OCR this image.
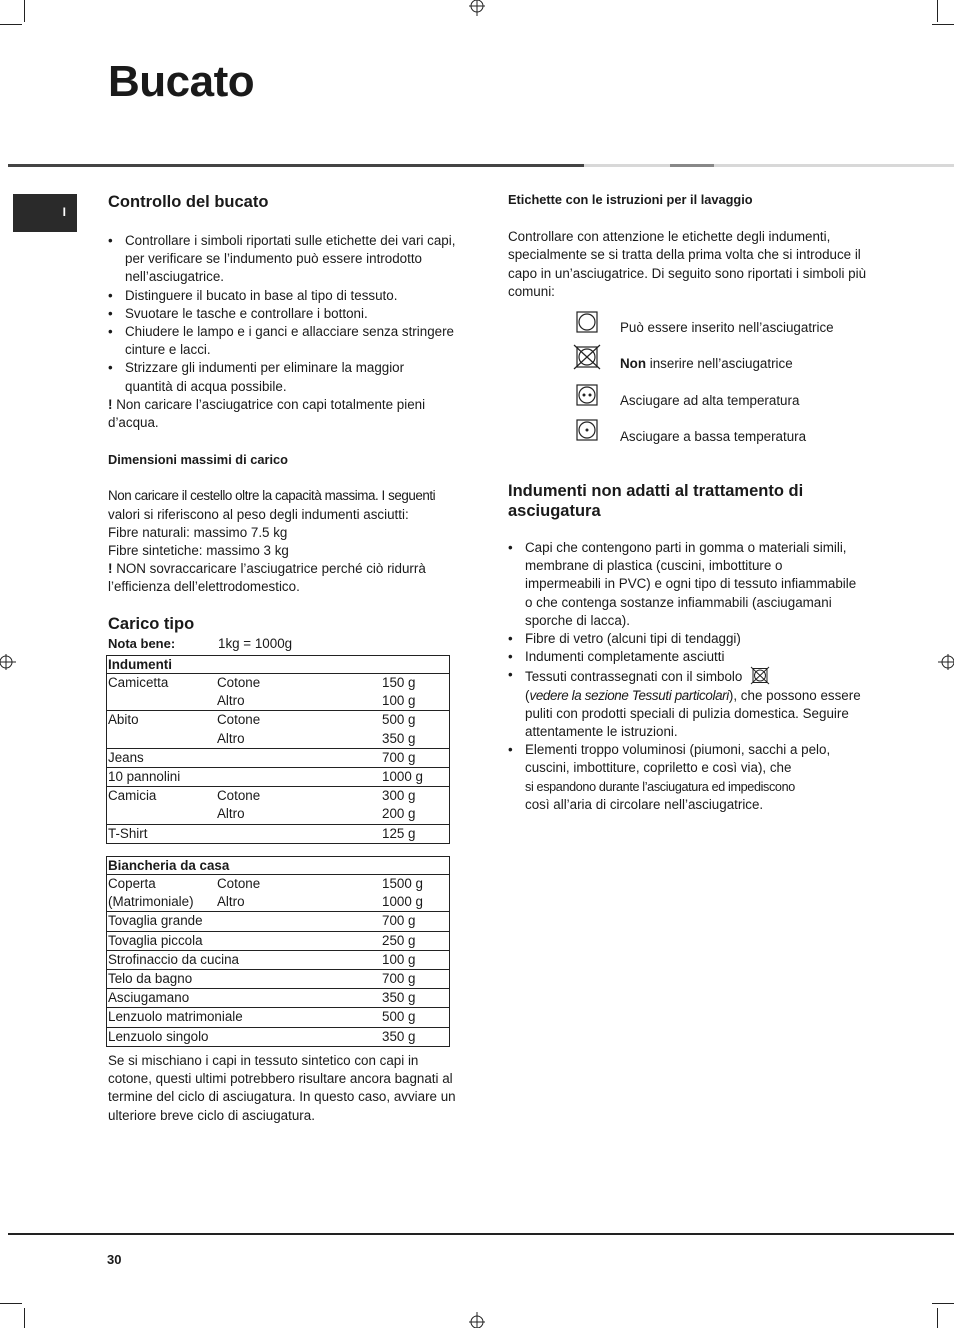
Bucato
I
Controllo del bucato
• Controllare i simboli riportati sulle etichette dei vari capi, per verificare se l’indumento può essere introdotto nell’asciugatrice.
• Distinguere il bucato in base al tipo di tessuto.
• Svuotare le tasche e controllare i bottoni.
• Chiudere le lampo e i ganci e allacciare senza stringere cinture e lacci.
• Strizzare gli indumenti per eliminare la maggior quantità di acqua possibile.

! Non caricare l’asciugatrice con capi totalmente pieni d’acqua.

Dimensioni massimi di carico

Non caricare il cestello oltre la capacità massima. I seguenti

valori si riferiscono al peso degli indumenti asciutti:

Fibre naturali: massimo 7.5 kg

Fibre sintetiche: massimo 3 kg

! NON sovraccaricare l’asciugatrice perché ciò ridurrà l’efficienza dell’elettrodomestico.

Carico tipo
Nota bene:	1kg = 1000g
Indumenti		
Camicetta	Cotone	150 g
	Altro	100 g
Abito	Cotone	500 g
	Altro	350 g
Jeans		700 g
10 pannolini		1000 g
Camicia	Cotone	300 g
	Altro	200 g
T-Shirt		125 g
Biancheria da casa		
Coperta	Cotone	1500 g
(Matrimoniale)	Altro	1000 g
Tovaglia grande		700 g
Tovaglia piccola		250 g
Strofinaccio da cucina		100 g
Telo da bagno		700 g
Asciugamano		350 g
Lenzuolo matrimoniale		500 g
Lenzuolo singolo		350 g

Se si mischiano i capi in tessuto sintetico con capi in cotone, questi ultimi potrebbero risultare ancora bagnati al termine del ciclo di asciugatura. In questo caso, avviare un ulteriore breve ciclo di asciugatura.

Etichette con le istruzioni per il lavaggio

Controllare con attenzione le etichette degli indumenti, specialmente se si tratta della prima volta che si introduce il capo in un’asciugatrice. Di seguito sono riportati i simboli più comuni:

Può essere inserito nell’asciugatrice
Non inserire nell’asciugatrice
Asciugare ad alta temperatura
Asciugare a bassa temperatura
Indumenti non adatti al trattamento di asciugatura
• Capi che contengono parti in gomma o materiali simili, membrane di plastica (cuscini, imbottiture o impermeabili in PVC) e ogni tipo di tessuto infiammabile o che contenga sostanze infiammabili (asciugamani sporche di lacca).
• Fibre di vetro (alcuni tipi di tendaggi)
• Indumenti completamente asciutti
• Tessuti contrassegnati con il simbolo
(vedere la sezione Tessuti particolari), che possono essere puliti con prodotti speciali di pulizia domestica. Seguire attentamente le istruzioni.
• Elementi troppo voluminosi (piumoni, sacchi a pelo, cuscini, imbottiture, copriletto e così via), che
si espandono durante l’asciugatura ed impediscono
così all’aria di circolare nell’asciugatrice.
30
